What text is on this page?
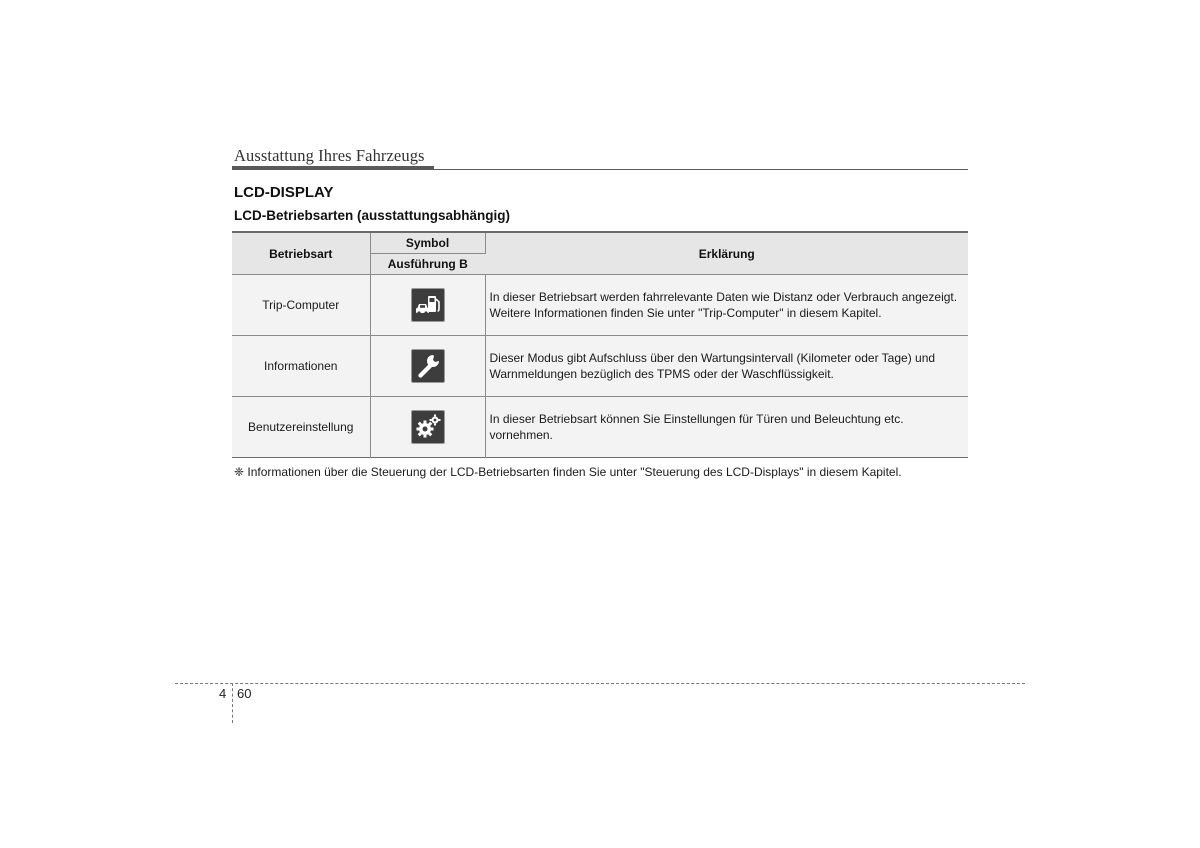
Ausstattung Ihres Fahrzeugs
LCD-DISPLAY
LCD-Betriebsarten (ausstattungsabhängig)
Betriebsart	Symbol	Erklärung
	Ausführung B	
Trip-Computer		In dieser Betriebsart werden fahrrelevante Daten wie Distanz oder Verbrauch angezeigt. Weitere Informationen finden Sie unter "Trip-Computer" in diesem Kapitel.
Informationen		Dieser Modus gibt Aufschluss über den Wartungsintervall (Kilometer oder Tage) und Warnmeldungen bezüglich des TPMS oder der Waschflüssigkeit.
Benutzereinstellung		In dieser Betriebsart können Sie Einstellungen für Türen und Beleuchtung etc. vornehmen.
❈ Informationen über die Steuerung der LCD-Betriebsarten finden Sie unter "Steuerung des LCD-Displays" in diesem Kapitel.
4 60
